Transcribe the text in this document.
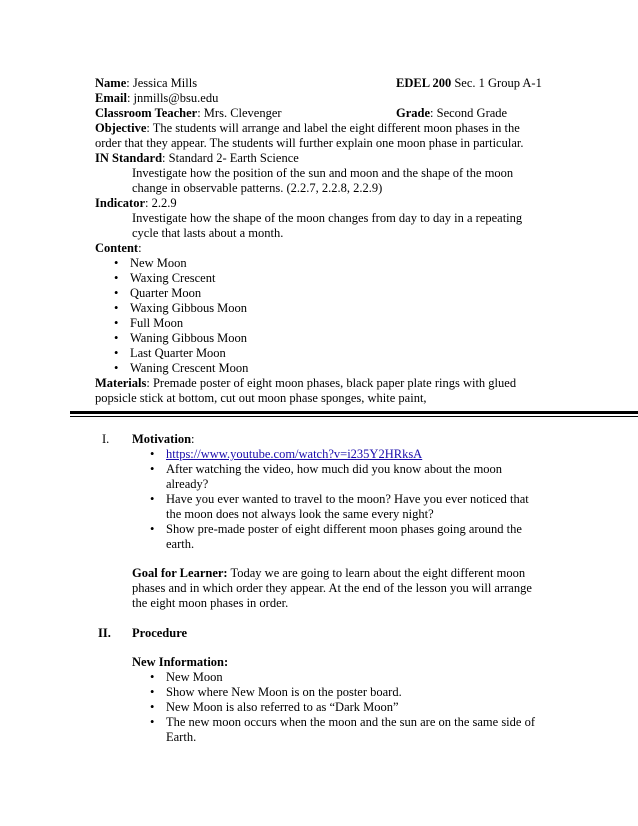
Name: Jessica Mills	EDEL 200 Sec. 1 Group A-1
Email: jnmills@bsu.edu
Classroom Teacher: Mrs. Clevenger	Grade: Second Grade
Objective: The students will arrange and label the eight different moon phases in the
order that they appear. The students will further explain one moon phase in particular.
IN Standard: Standard 2- Earth Science
Investigate how the position of the sun and moon and the shape of the moon
change in observable patterns. (2.2.7, 2.2.8, 2.2.9)
Indicator: 2.2.9
Investigate how the shape of the moon changes from day to day in a repeating
cycle that lasts about a month.
Content:
• New Moon
• Waxing Crescent
• Quarter Moon
• Waxing Gibbous Moon
• Full Moon
• Waning Gibbous Moon
• Last Quarter Moon
• Waning Crescent Moon
Materials: Premade poster of eight moon phases, black paper plate rings with glued
popsicle stick at bottom, cut out moon phase sponges, white paint,
I. Motivation:
• https://www.youtube.com/watch?v=i235Y2HRksA
• After watching the video, how much did you know about the moon
already?
• Have you ever wanted to travel to the moon? Have you ever noticed that
the moon does not always look the same every night?
• Show pre-made poster of eight different moon phases going around the
earth.
Goal for Learner: Today we are going to learn about the eight different moon
phases and in which order they appear. At the end of the lesson you will arrange
the eight moon phases in order.
II. Procedure
New Information:
• New Moon
• Show where New Moon is on the poster board.
• New Moon is also referred to as “Dark Moon”
• The new moon occurs when the moon and the sun are on the same side of
Earth.
